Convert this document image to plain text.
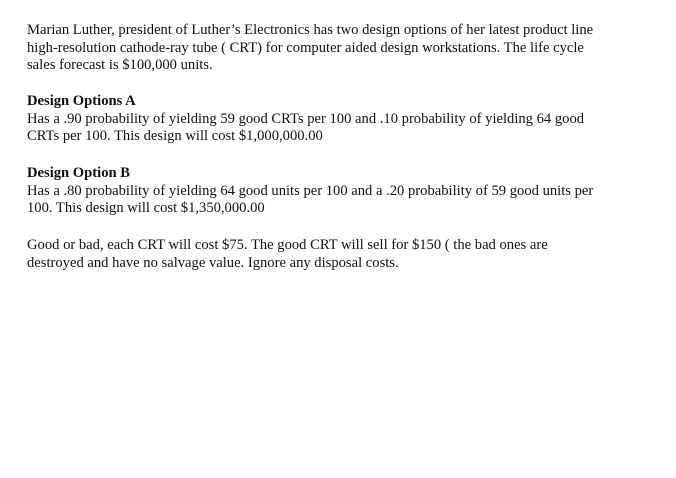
Marian Luther, president of Luther’s Electronics has two design options of her latest product line
high-resolution cathode-ray tube ( CRT) for computer aided design workstations. The life cycle
sales forecast is $100,000 units.
Design Options A
Has a .90 probability of yielding 59 good CRTs per 100 and .10 probability of yielding 64 good
CRTs per 100. This design will cost $1,000,000.00
Design Option B
Has a .80 probability of yielding 64 good units per 100 and a .20 probability of 59 good units per
100. This design will cost $1,350,000.00
Good or bad, each CRT will cost $75. The good CRT will sell for $150 ( the bad ones are
destroyed and have no salvage value. Ignore any disposal costs.
